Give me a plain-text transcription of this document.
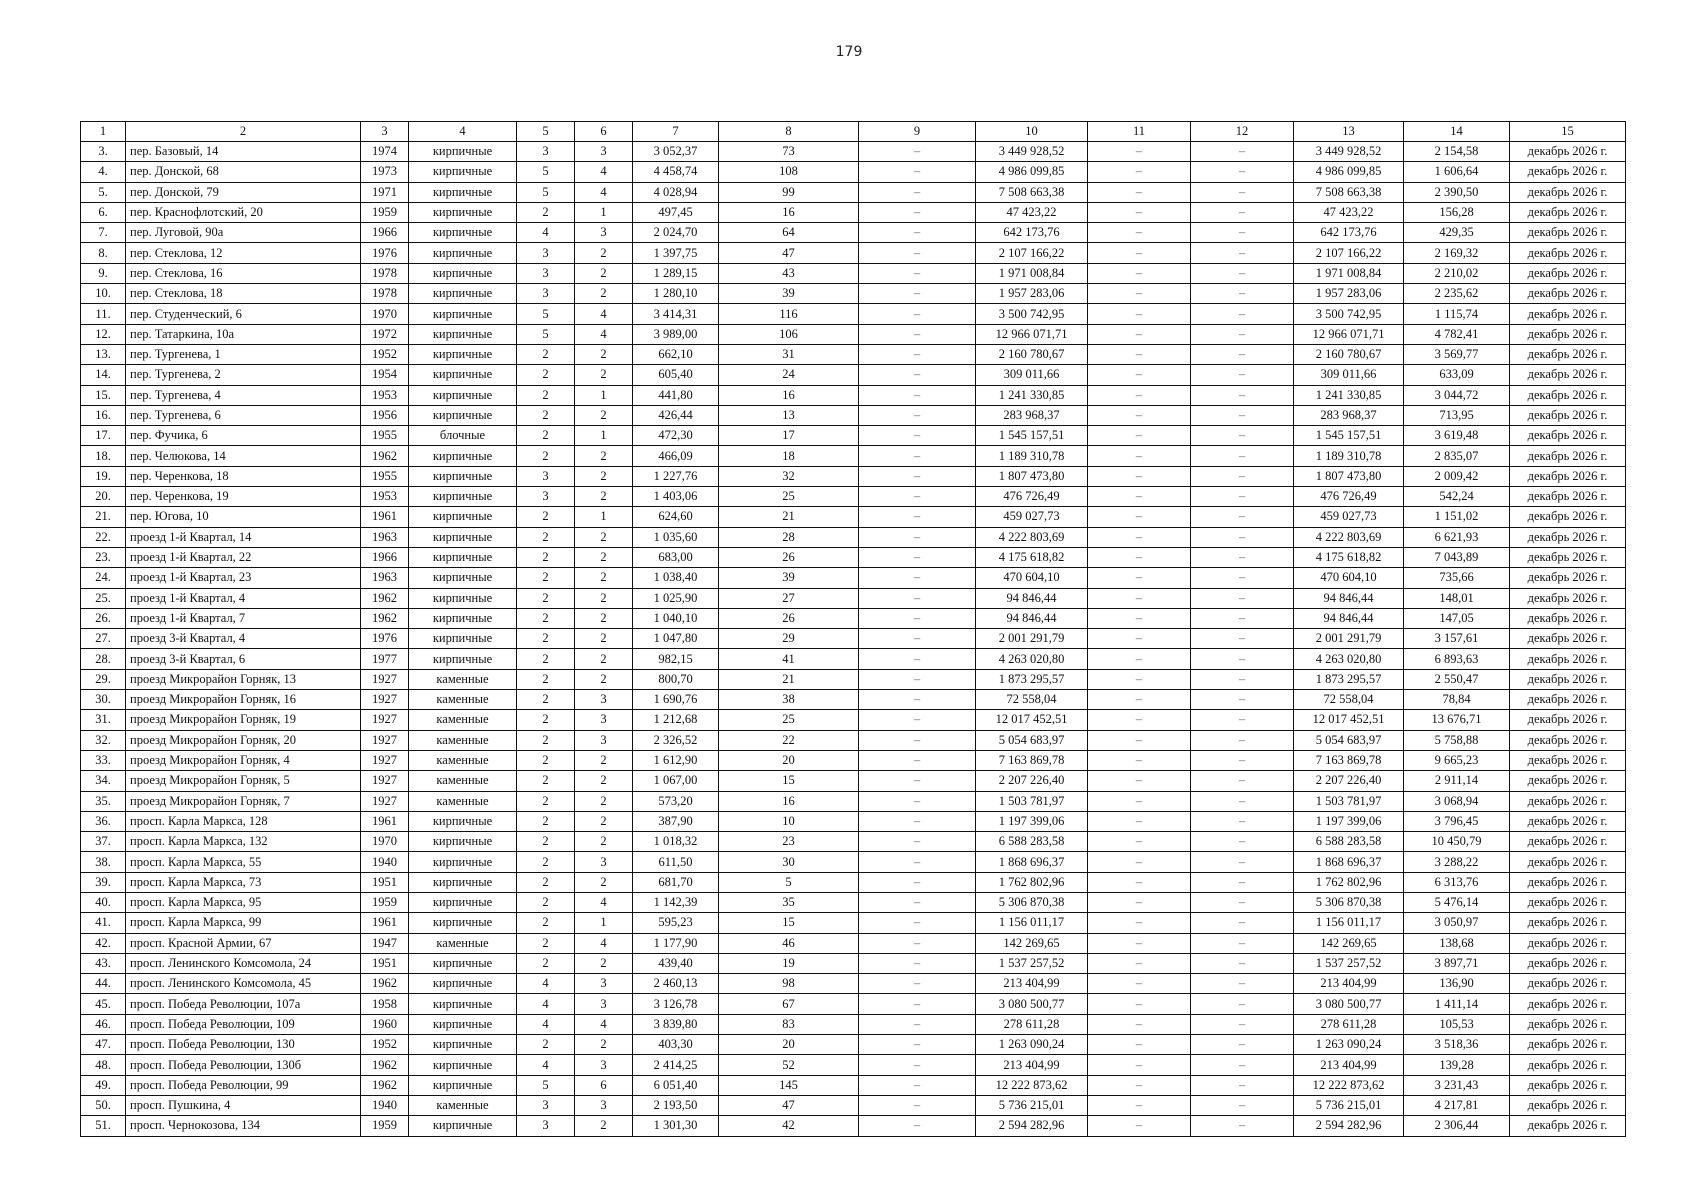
179
1	2	3	4	5	6	7	8	9	10	11	12	13	14	15
3.	пер. Базовый, 14	1974	кирпичные	3	3	3 052,37	73	–	3 449 928,52	–	–	3 449 928,52	2 154,58	декабрь 2026 г.
4.	пер. Донской, 68	1973	кирпичные	5	4	4 458,74	108	–	4 986 099,85	–	–	4 986 099,85	1 606,64	декабрь 2026 г.
5.	пер. Донской, 79	1971	кирпичные	5	4	4 028,94	99	–	7 508 663,38	–	–	7 508 663,38	2 390,50	декабрь 2026 г.
6.	пер. Краснофлотский, 20	1959	кирпичные	2	1	497,45	16	–	47 423,22	–	–	47 423,22	156,28	декабрь 2026 г.
7.	пер. Луговой, 90а	1966	кирпичные	4	3	2 024,70	64	–	642 173,76	–	–	642 173,76	429,35	декабрь 2026 г.
8.	пер. Стеклова, 12	1976	кирпичные	3	2	1 397,75	47	–	2 107 166,22	–	–	2 107 166,22	2 169,32	декабрь 2026 г.
9.	пер. Стеклова, 16	1978	кирпичные	3	2	1 289,15	43	–	1 971 008,84	–	–	1 971 008,84	2 210,02	декабрь 2026 г.
10.	пер. Стеклова, 18	1978	кирпичные	3	2	1 280,10	39	–	1 957 283,06	–	–	1 957 283,06	2 235,62	декабрь 2026 г.
11.	пер. Студенческий, 6	1970	кирпичные	5	4	3 414,31	116	–	3 500 742,95	–	–	3 500 742,95	1 115,74	декабрь 2026 г.
12.	пер. Татаркина, 10а	1972	кирпичные	5	4	3 989,00	106	–	12 966 071,71	–	–	12 966 071,71	4 782,41	декабрь 2026 г.
13.	пер. Тургенева, 1	1952	кирпичные	2	2	662,10	31	–	2 160 780,67	–	–	2 160 780,67	3 569,77	декабрь 2026 г.
14.	пер. Тургенева, 2	1954	кирпичные	2	2	605,40	24	–	309 011,66	–	–	309 011,66	633,09	декабрь 2026 г.
15.	пер. Тургенева, 4	1953	кирпичные	2	1	441,80	16	–	1 241 330,85	–	–	1 241 330,85	3 044,72	декабрь 2026 г.
16.	пер. Тургенева, 6	1956	кирпичные	2	2	426,44	13	–	283 968,37	–	–	283 968,37	713,95	декабрь 2026 г.
17.	пер. Фучика, 6	1955	блочные	2	1	472,30	17	–	1 545 157,51	–	–	1 545 157,51	3 619,48	декабрь 2026 г.
18.	пер. Челюкова, 14	1962	кирпичные	2	2	466,09	18	–	1 189 310,78	–	–	1 189 310,78	2 835,07	декабрь 2026 г.
19.	пер. Черенкова, 18	1955	кирпичные	3	2	1 227,76	32	–	1 807 473,80	–	–	1 807 473,80	2 009,42	декабрь 2026 г.
20.	пер. Черенкова, 19	1953	кирпичные	3	2	1 403,06	25	–	476 726,49	–	–	476 726,49	542,24	декабрь 2026 г.
21.	пер. Югова, 10	1961	кирпичные	2	1	624,60	21	–	459 027,73	–	–	459 027,73	1 151,02	декабрь 2026 г.
22.	проезд 1-й Квартал, 14	1963	кирпичные	2	2	1 035,60	28	–	4 222 803,69	–	–	4 222 803,69	6 621,93	декабрь 2026 г.
23.	проезд 1-й Квартал, 22	1966	кирпичные	2	2	683,00	26	–	4 175 618,82	–	–	4 175 618,82	7 043,89	декабрь 2026 г.
24.	проезд 1-й Квартал, 23	1963	кирпичные	2	2	1 038,40	39	–	470 604,10	–	–	470 604,10	735,66	декабрь 2026 г.
25.	проезд 1-й Квартал, 4	1962	кирпичные	2	2	1 025,90	27	–	94 846,44	–	–	94 846,44	148,01	декабрь 2026 г.
26.	проезд 1-й Квартал, 7	1962	кирпичные	2	2	1 040,10	26	–	94 846,44	–	–	94 846,44	147,05	декабрь 2026 г.
27.	проезд 3-й Квартал, 4	1976	кирпичные	2	2	1 047,80	29	–	2 001 291,79	–	–	2 001 291,79	3 157,61	декабрь 2026 г.
28.	проезд 3-й Квартал, 6	1977	кирпичные	2	2	982,15	41	–	4 263 020,80	–	–	4 263 020,80	6 893,63	декабрь 2026 г.
29.	проезд Микрорайон Горняк, 13	1927	каменные	2	2	800,70	21	–	1 873 295,57	–	–	1 873 295,57	2 550,47	декабрь 2026 г.
30.	проезд Микрорайон Горняк, 16	1927	каменные	2	3	1 690,76	38	–	72 558,04	–	–	72 558,04	78,84	декабрь 2026 г.
31.	проезд Микрорайон Горняк, 19	1927	каменные	2	3	1 212,68	25	–	12 017 452,51	–	–	12 017 452,51	13 676,71	декабрь 2026 г.
32.	проезд Микрорайон Горняк, 20	1927	каменные	2	3	2 326,52	22	–	5 054 683,97	–	–	5 054 683,97	5 758,88	декабрь 2026 г.
33.	проезд Микрорайон Горняк, 4	1927	каменные	2	2	1 612,90	20	–	7 163 869,78	–	–	7 163 869,78	9 665,23	декабрь 2026 г.
34.	проезд Микрорайон Горняк, 5	1927	каменные	2	2	1 067,00	15	–	2 207 226,40	–	–	2 207 226,40	2 911,14	декабрь 2026 г.
35.	проезд Микрорайон Горняк, 7	1927	каменные	2	2	573,20	16	–	1 503 781,97	–	–	1 503 781,97	3 068,94	декабрь 2026 г.
36.	просп. Карла Маркса, 128	1961	кирпичные	2	2	387,90	10	–	1 197 399,06	–	–	1 197 399,06	3 796,45	декабрь 2026 г.
37.	просп. Карла Маркса, 132	1970	кирпичные	2	2	1 018,32	23	–	6 588 283,58	–	–	6 588 283,58	10 450,79	декабрь 2026 г.
38.	просп. Карла Маркса, 55	1940	кирпичные	2	3	611,50	30	–	1 868 696,37	–	–	1 868 696,37	3 288,22	декабрь 2026 г.
39.	просп. Карла Маркса, 73	1951	кирпичные	2	2	681,70	5	–	1 762 802,96	–	–	1 762 802,96	6 313,76	декабрь 2026 г.
40.	просп. Карла Маркса, 95	1959	кирпичные	2	4	1 142,39	35	–	5 306 870,38	–	–	5 306 870,38	5 476,14	декабрь 2026 г.
41.	просп. Карла Маркса, 99	1961	кирпичные	2	1	595,23	15	–	1 156 011,17	–	–	1 156 011,17	3 050,97	декабрь 2026 г.
42.	просп. Красной Армии, 67	1947	каменные	2	4	1 177,90	46	–	142 269,65	–	–	142 269,65	138,68	декабрь 2026 г.
43.	просп. Ленинского Комсомола, 24	1951	кирпичные	2	2	439,40	19	–	1 537 257,52	–	–	1 537 257,52	3 897,71	декабрь 2026 г.
44.	просп. Ленинского Комсомола, 45	1962	кирпичные	4	3	2 460,13	98	–	213 404,99	–	–	213 404,99	136,90	декабрь 2026 г.
45.	просп. Победа Революции, 107а	1958	кирпичные	4	3	3 126,78	67	–	3 080 500,77	–	–	3 080 500,77	1 411,14	декабрь 2026 г.
46.	просп. Победа Революции, 109	1960	кирпичные	4	4	3 839,80	83	–	278 611,28	–	–	278 611,28	105,53	декабрь 2026 г.
47.	просп. Победа Революции, 130	1952	кирпичные	2	2	403,30	20	–	1 263 090,24	–	–	1 263 090,24	3 518,36	декабрь 2026 г.
48.	просп. Победа Революции, 130б	1962	кирпичные	4	3	2 414,25	52	–	213 404,99	–	–	213 404,99	139,28	декабрь 2026 г.
49.	просп. Победа Революции, 99	1962	кирпичные	5	6	6 051,40	145	–	12 222 873,62	–	–	12 222 873,62	3 231,43	декабрь 2026 г.
50.	просп. Пушкина, 4	1940	каменные	3	3	2 193,50	47	–	5 736 215,01	–	–	5 736 215,01	4 217,81	декабрь 2026 г.
51.	просп. Чернокозова, 134	1959	кирпичные	3	2	1 301,30	42	–	2 594 282,96	–	–	2 594 282,96	2 306,44	декабрь 2026 г.
